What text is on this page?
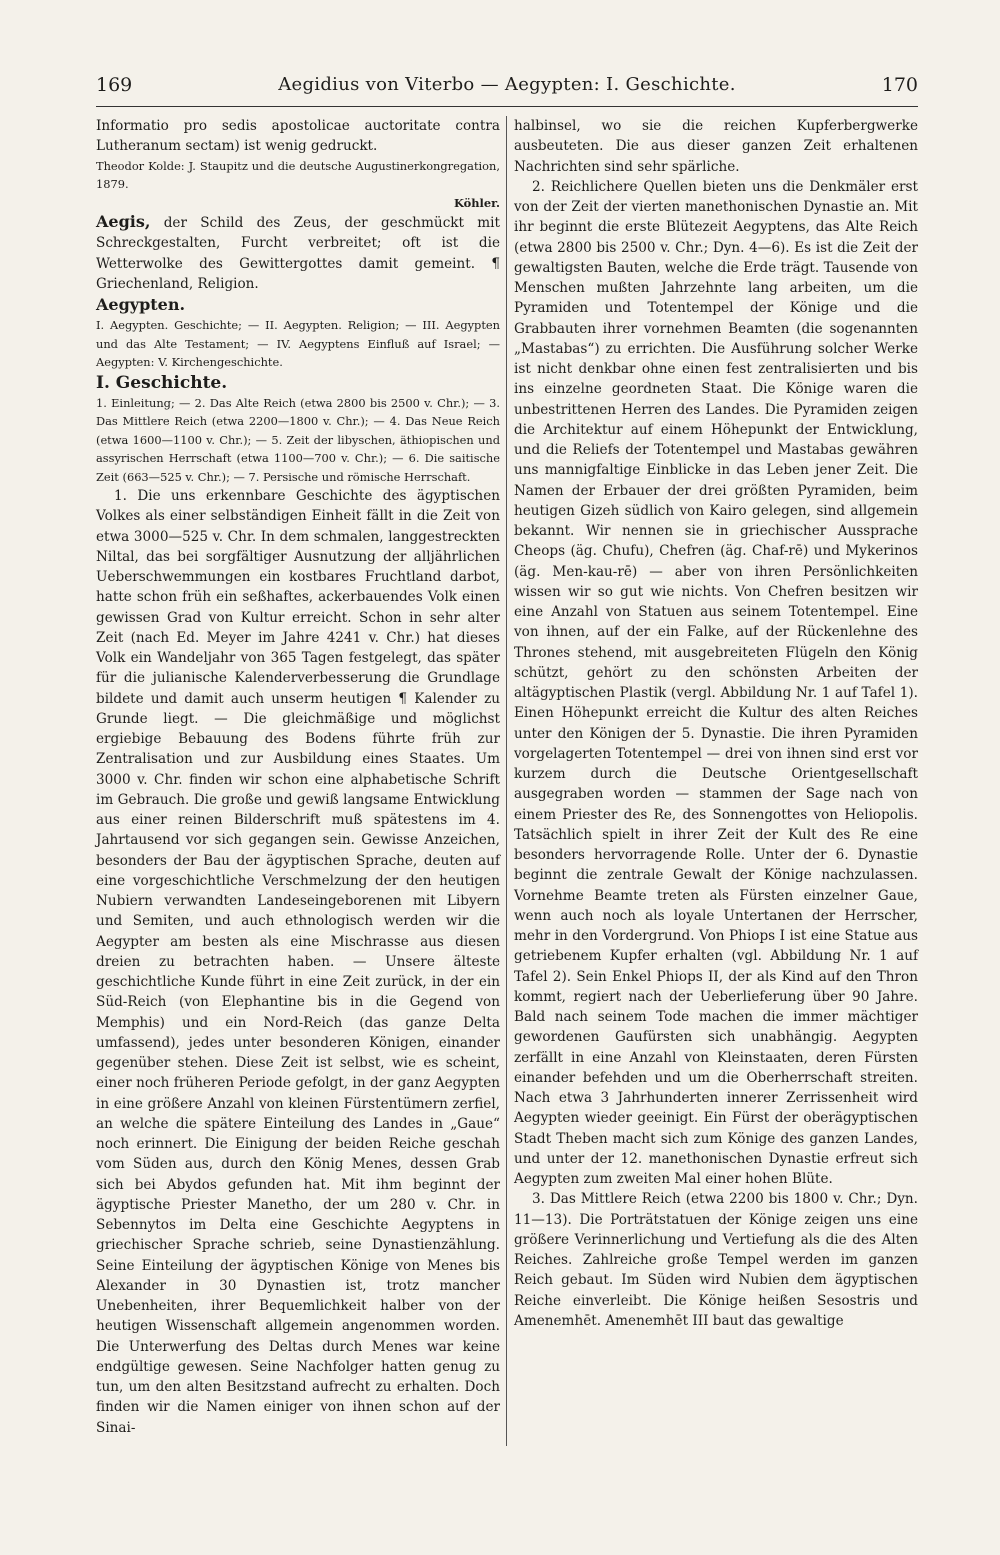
169	Aegidius von Viterbo — Aegypten: I. Geschichte.	170

Informatio pro sedis apostolicae auctoritate contra Lutheranum sectam) ist wenig gedruckt.

Theodor Kolde: J. Staupitz und die deutsche Augustinerkongregation, 1879.

Köhler.

Aegis, der Schild des Zeus, der geschmückt mit Schreckgestalten, Furcht verbreitet; oft ist die Wetterwolke des Gewittergottes damit gemeint. ¶ Griechenland, Religion.

Aegypten.

I. Aegypten. Geschichte; — II. Aegypten. Religion; — III. Aegypten und das Alte Testament; — IV. Aegyptens Einfluß auf Israel; — Aegypten: V. Kirchengeschichte.

I. Geschichte.

1. Einleitung; — 2. Das Alte Reich (etwa 2800 bis 2500 v. Chr.); — 3. Das Mittlere Reich (etwa 2200—1800 v. Chr.); — 4. Das Neue Reich (etwa 1600—1100 v. Chr.); — 5. Zeit der libyschen, äthiopischen und assyrischen Herrschaft (etwa 1100—700 v. Chr.); — 6. Die saitische Zeit (663—525 v. Chr.); — 7. Persische und römische Herrschaft.

1. Die uns erkennbare Geschichte des ägyptischen Volkes als einer selbständigen Einheit fällt in die Zeit von etwa 3000—525 v. Chr. In dem schmalen, langgestreckten Niltal, das bei sorgfältiger Ausnutzung der alljährlichen Ueberschwemmungen ein kostbares Fruchtland darbot, hatte schon früh ein seßhaftes, ackerbauendes Volk einen gewissen Grad von Kultur erreicht. Schon in sehr alter Zeit (nach Ed. Meyer im Jahre 4241 v. Chr.) hat dieses Volk ein Wandeljahr von 365 Tagen festgelegt, das später für die julianische Kalenderverbesserung die Grundlage bildete und damit auch unserm heutigen ¶ Kalender zu Grunde liegt. — Die gleichmäßige und möglichst ergiebige Bebauung des Bodens führte früh zur Zentralisation und zur Ausbildung eines Staates. Um 3000 v. Chr. finden wir schon eine alphabetische Schrift im Gebrauch. Die große und gewiß langsame Entwicklung aus einer reinen Bilderschrift muß spätestens im 4. Jahrtausend vor sich gegangen sein. Gewisse Anzeichen, besonders der Bau der ägyptischen Sprache, deuten auf eine vorgeschichtliche Verschmelzung der den heutigen Nubiern verwandten Landeseingeborenen mit Libyern und Semiten, und auch ethnologisch werden wir die Aegypter am besten als eine Mischrasse aus diesen dreien zu betrachten haben. — Unsere älteste geschichtliche Kunde führt in eine Zeit zurück, in der ein Süd-Reich (von Elephantine bis in die Gegend von Memphis) und ein Nord-Reich (das ganze Delta umfassend), jedes unter besonderen Königen, einander gegenüber stehen. Diese Zeit ist selbst, wie es scheint, einer noch früheren Periode gefolgt, in der ganz Aegypten in eine größere Anzahl von kleinen Fürstentümern zerfiel, an welche die spätere Einteilung des Landes in „Gaue“ noch erinnert. Die Einigung der beiden Reiche geschah vom Süden aus, durch den König Menes, dessen Grab sich bei Abydos gefunden hat. Mit ihm beginnt der ägyptische Priester Manetho, der um 280 v. Chr. in Sebennytos im Delta eine Geschichte Aegyptens in griechischer Sprache schrieb, seine Dynastienzählung. Seine Einteilung der ägyptischen Könige von Menes bis Alexander in 30 Dynastien ist, trotz mancher Unebenheiten, ihrer Bequemlichkeit halber von der heutigen Wissenschaft allgemein angenommen worden. Die Unterwerfung des Deltas durch Menes war keine endgültige gewesen. Seine Nachfolger hatten genug zu tun, um den alten Besitzstand aufrecht zu erhalten. Doch finden wir die Namen einiger von ihnen schon auf der Sinai-

halbinsel, wo sie die reichen Kupferbergwerke ausbeuteten. Die aus dieser ganzen Zeit erhaltenen Nachrichten sind sehr spärliche.

2. Reichlichere Quellen bieten uns die Denkmäler erst von der Zeit der vierten manethonischen Dynastie an. Mit ihr beginnt die erste Blütezeit Aegyptens, das Alte Reich (etwa 2800 bis 2500 v. Chr.; Dyn. 4—6). Es ist die Zeit der gewaltigsten Bauten, welche die Erde trägt. Tausende von Menschen mußten Jahrzehnte lang arbeiten, um die Pyramiden und Totentempel der Könige und die Grabbauten ihrer vornehmen Beamten (die sogenannten „Mastabas“) zu errichten. Die Ausführung solcher Werke ist nicht denkbar ohne einen fest zentralisierten und bis ins einzelne geordneten Staat. Die Könige waren die unbestrittenen Herren des Landes. Die Pyramiden zeigen die Architektur auf einem Höhepunkt der Entwicklung, und die Reliefs der Totentempel und Mastabas gewähren uns mannigfaltige Einblicke in das Leben jener Zeit. Die Namen der Erbauer der drei größten Pyramiden, beim heutigen Gizeh südlich von Kairo gelegen, sind allgemein bekannt. Wir nennen sie in griechischer Aussprache Cheops (äg. Chufu), Chefren (äg. Chaf-rē) und Mykerinos (äg. Men-kau-rē) — aber von ihren Persönlichkeiten wissen wir so gut wie nichts. Von Chefren besitzen wir eine Anzahl von Statuen aus seinem Totentempel. Eine von ihnen, auf der ein Falke, auf der Rückenlehne des Thrones stehend, mit ausgebreiteten Flügeln den König schützt, gehört zu den schönsten Arbeiten der altägyptischen Plastik (vergl. Abbildung Nr. 1 auf Tafel 1). Einen Höhepunkt erreicht die Kultur des alten Reiches unter den Königen der 5. Dynastie. Die ihren Pyramiden vorgelagerten Totentempel — drei von ihnen sind erst vor kurzem durch die Deutsche Orientgesellschaft ausgegraben worden — stammen der Sage nach von einem Priester des Re, des Sonnengottes von Heliopolis. Tatsächlich spielt in ihrer Zeit der Kult des Re eine besonders hervorragende Rolle. Unter der 6. Dynastie beginnt die zentrale Gewalt der Könige nachzulassen. Vornehme Beamte treten als Fürsten einzelner Gaue, wenn auch noch als loyale Untertanen der Herrscher, mehr in den Vordergrund. Von Phiops I ist eine Statue aus getriebenem Kupfer erhalten (vgl. Abbildung Nr. 1 auf Tafel 2). Sein Enkel Phiops II, der als Kind auf den Thron kommt, regiert nach der Ueberlieferung über 90 Jahre. Bald nach seinem Tode machen die immer mächtiger gewordenen Gaufürsten sich unabhängig. Aegypten zerfällt in eine Anzahl von Kleinstaaten, deren Fürsten einander befehden und um die Oberherrschaft streiten. Nach etwa 3 Jahrhunderten innerer Zerrissenheit wird Aegypten wieder geeinigt. Ein Fürst der oberägyptischen Stadt Theben macht sich zum Könige des ganzen Landes, und unter der 12. manethonischen Dynastie erfreut sich Aegypten zum zweiten Mal einer hohen Blüte.

3. Das Mittlere Reich (etwa 2200 bis 1800 v. Chr.; Dyn. 11—13). Die Porträtstatuen der Könige zeigen uns eine größere Verinnerlichung und Vertiefung als die des Alten Reiches. Zahlreiche große Tempel werden im ganzen Reich gebaut. Im Süden wird Nubien dem ägyptischen Reiche einverleibt. Die Könige heißen Sesostris und Amenemhēt. Amenemhēt III baut das gewaltige
